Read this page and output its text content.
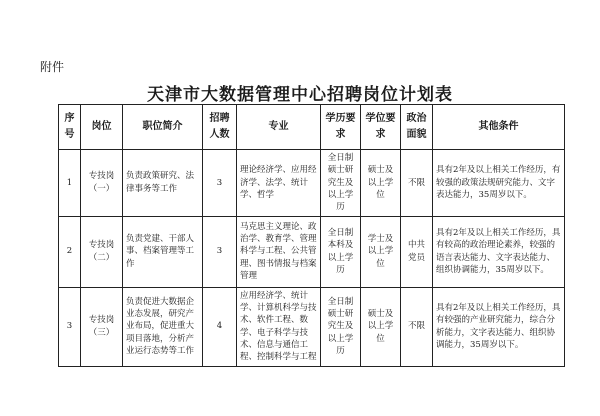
附件
天津市大数据管理中心招聘岗位计划表
序号	岗位	职位简介	招聘人数	专业	学历要求	学位要求	政治面貌	其他条件
1	专技岗（一）	负责政策研究、法律事务等工作	3	理论经济学、应用经济学、法学、统计学、哲学	全日制硕士研究生及以上学历	硕士及以上学位	不限	具有2年及以上相关工作经历，有较强的政策法规研究能力、文字表达能力，35周岁以下。
2	专技岗（二）	负责党建、干部人事、档案管理等工作	3	马克思主义理论、政治学、教育学、管理科学与工程、公共管理、图书情报与档案管理	全日制本科及以上学历	学士及以上学位	中共党员	具有2年及以上相关工作经历，具有较高的政治理论素养，较强的语言表达能力、文字表达能力、组织协调能力，35周岁以下。
3	专技岗（三）	负责促进大数据企业态发展，研究产业布局，促进重大项目落地，分析产业运行态势等工作	4	应用经济学、统计学、计算机科学与技术、软件工程、数学、电子科学与技术、信息与通信工程、控制科学与工程	全日制硕士研究生及以上学历	硕士及以上学位	不限	具有2年及以上相关工作经历，具有较强的产业研究能力，综合分析能力，文字表达能力、组织协调能力，35周岁以下。
